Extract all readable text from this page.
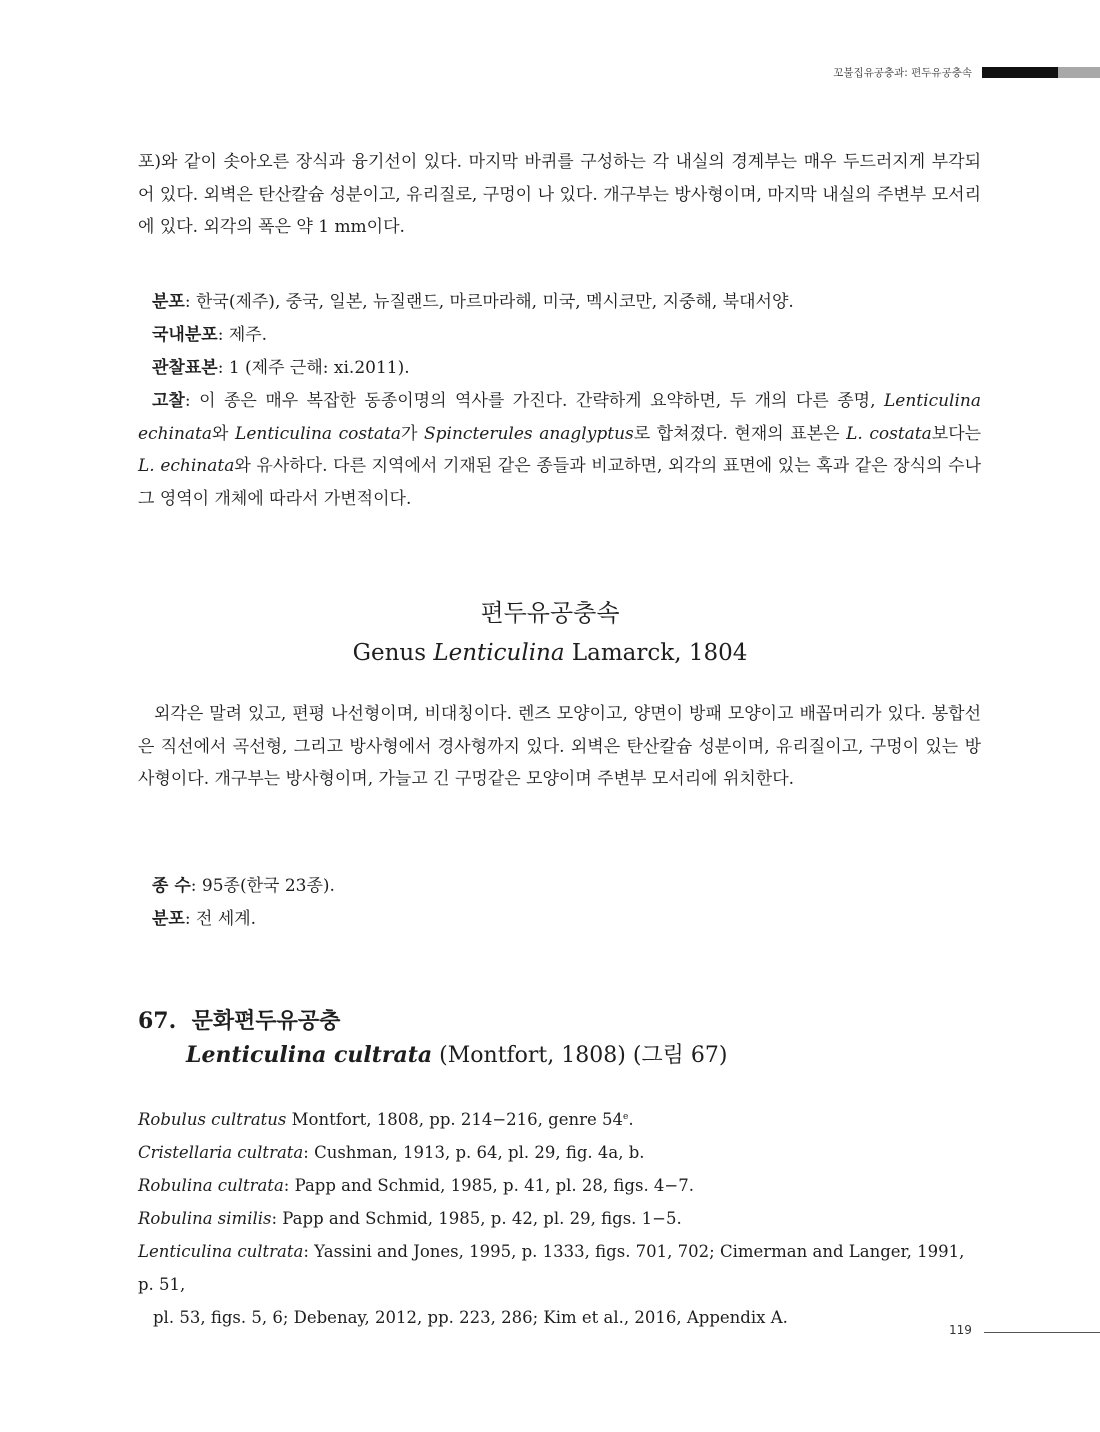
꼬불집유공충과: 편두유공충속

포)와 같이 솟아오른 장식과 융기선이 있다. 마지막 바퀴를 구성하는 각 내실의 경계부는 매우 두드러지게 부각되어 있다. 외벽은 탄산칼슘 성분이고, 유리질로, 구멍이 나 있다. 개구부는 방사형이며, 마지막 내실의 주변부 모서리에 있다. 외각의 폭은 약 1 mm이다.

분포: 한국(제주), 중국, 일본, 뉴질랜드, 마르마라해, 미국, 멕시코만, 지중해, 북대서양.

국내분포: 제주.

관찰표본: 1 (제주 근해: xi.2011).

고찰: 이 종은 매우 복잡한 동종이명의 역사를 가진다. 간략하게 요약하면, 두 개의 다른 종명, Lenticulina echinata와 Lenticulina costata가 Spincterules anaglyptus로 합쳐졌다. 현재의 표본은 L. costata보다는 L. echinata와 유사하다. 다른 지역에서 기재된 같은 종들과 비교하면, 외각의 표면에 있는 혹과 같은 장식의 수나 그 영역이 개체에 따라서 가변적이다.

편두유공충속
Genus Lenticulina Lamarck, 1804

외각은 말려 있고, 편평 나선형이며, 비대칭이다. 렌즈 모양이고, 양면이 방패 모양이고 배꼽머리가 있다. 봉합선은 직선에서 곡선형, 그리고 방사형에서 경사형까지 있다. 외벽은 탄산칼슘 성분이며, 유리질이고, 구멍이 있는 방사형이다. 개구부는 방사형이며, 가늘고 긴 구멍같은 모양이며 주변부 모서리에 위치한다.

종 수: 95종(한국 23종).

분포: 전 세계.

67. 문화편두유공충
Lenticulina cultrata (Montfort, 1808) (그림 67)

Robulus cultratus Montfort, 1808, pp. 214−216, genre 54e.

Cristellaria cultrata: Cushman, 1913, p. 64, pl. 29, fig. 4a, b.

Robulina cultrata: Papp and Schmid, 1985, p. 41, pl. 28, figs. 4−7.

Robulina similis: Papp and Schmid, 1985, p. 42, pl. 29, figs. 1−5.

Lenticulina cultrata: Yassini and Jones, 1995, p. 1333, figs. 701, 702; Cimerman and Langer, 1991, p. 51,

pl. 53, figs. 5, 6; Debenay, 2012, pp. 223, 286; Kim et al., 2016, Appendix A.

119
